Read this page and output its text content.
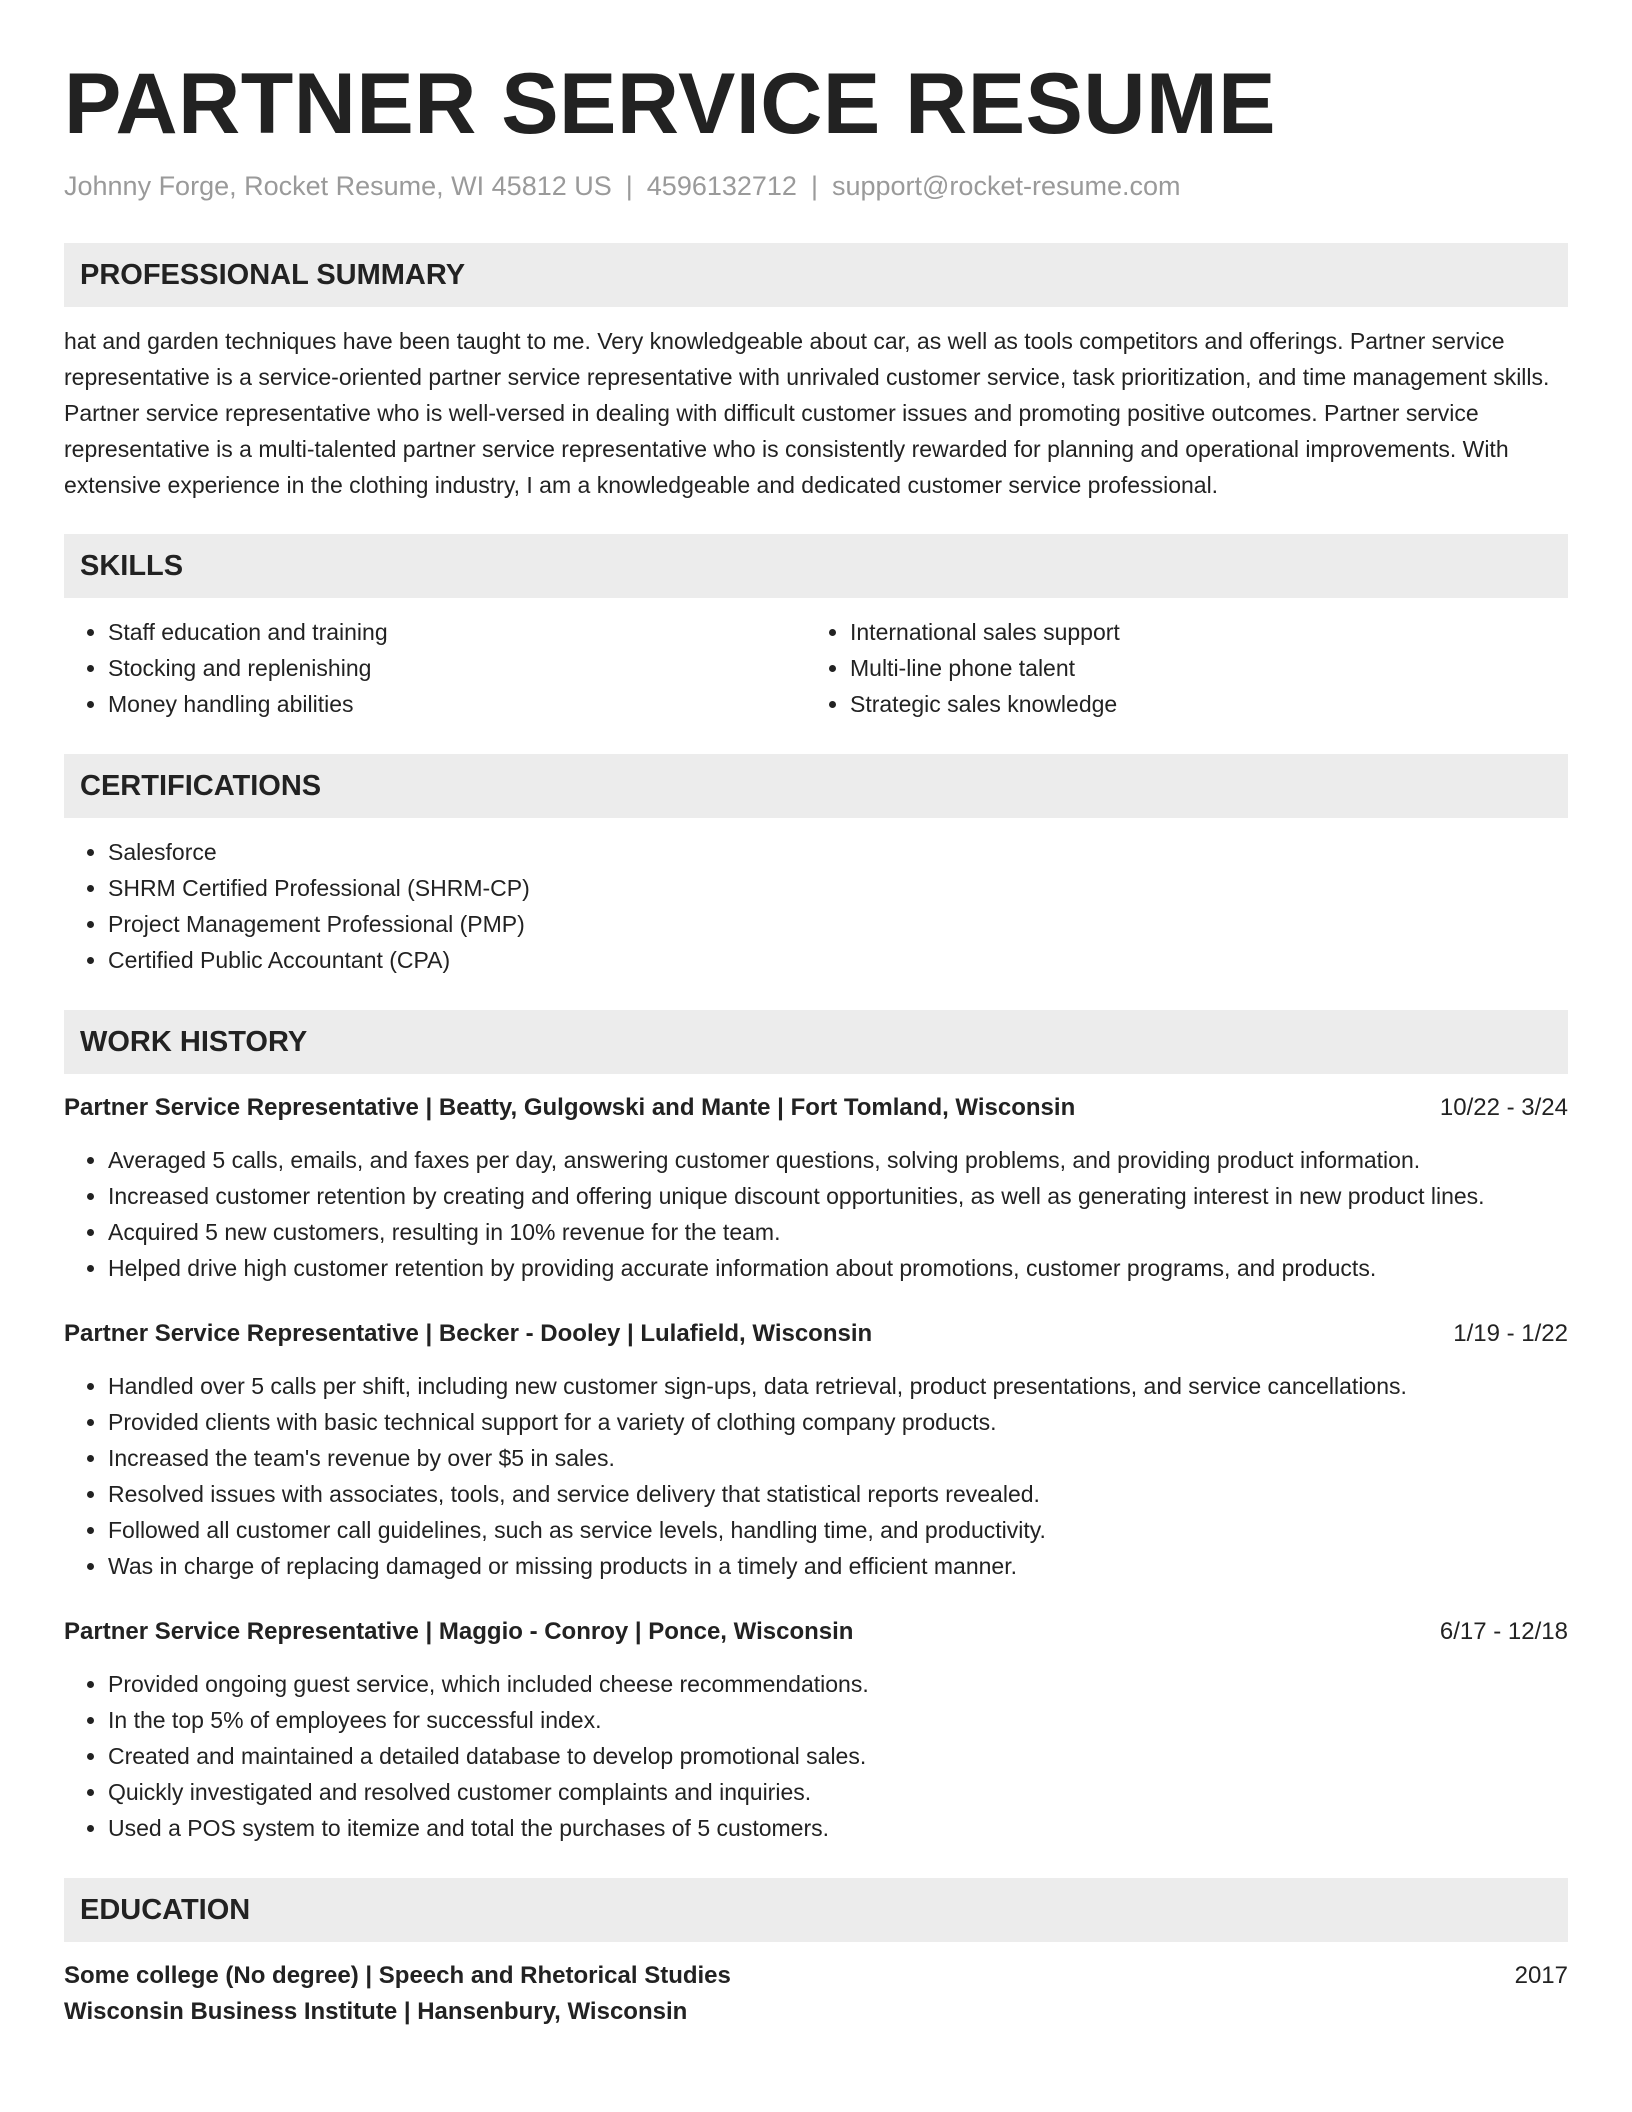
PARTNER SERVICE RESUME
Johnny Forge, Rocket Resume, WI 45812 US | 4596132712 | support@rocket-resume.com
PROFESSIONAL SUMMARY

hat and garden techniques have been taught to me. Very knowledgeable about car, as well as tools competitors and offerings. Partner service representative is a service-oriented partner service representative with unrivaled customer service, task prioritization, and time management skills. Partner service representative who is well-versed in dealing with difficult customer issues and promoting positive outcomes. Partner service representative is a multi-talented partner service representative who is consistently rewarded for planning and operational improvements. With extensive experience in the clothing industry, I am a knowledgeable and dedicated customer service professional.

SKILLS
• Staff education and training
• Stocking and replenishing
• Money handling abilities
• International sales support
• Multi-line phone talent
• Strategic sales knowledge
CERTIFICATIONS
• Salesforce
• SHRM Certified Professional (SHRM-CP)
• Project Management Professional (PMP)
• Certified Public Accountant (CPA)
WORK HISTORY
Partner Service Representative | Beatty, Gulgowski and Mante | Fort Tomland, Wisconsin	10/22 - 3/24
• Averaged 5 calls, emails, and faxes per day, answering customer questions, solving problems, and providing product information.
• Increased customer retention by creating and offering unique discount opportunities, as well as generating interest in new product lines.
• Acquired 5 new customers, resulting in 10% revenue for the team.
• Helped drive high customer retention by providing accurate information about promotions, customer programs, and products.
Partner Service Representative | Becker - Dooley | Lulafield, Wisconsin	1/19 - 1/22
• Handled over 5 calls per shift, including new customer sign-ups, data retrieval, product presentations, and service cancellations.
• Provided clients with basic technical support for a variety of clothing company products.
• Increased the team's revenue by over $5 in sales.
• Resolved issues with associates, tools, and service delivery that statistical reports revealed.
• Followed all customer call guidelines, such as service levels, handling time, and productivity.
• Was in charge of replacing damaged or missing products in a timely and efficient manner.
Partner Service Representative | Maggio - Conroy | Ponce, Wisconsin	6/17 - 12/18
• Provided ongoing guest service, which included cheese recommendations.
• In the top 5% of employees for successful index.
• Created and maintained a detailed database to develop promotional sales.
• Quickly investigated and resolved customer complaints and inquiries.
• Used a POS system to itemize and total the purchases of 5 customers.
EDUCATION
Some college (No degree) | Speech and Rhetorical Studies	2017
Wisconsin Business Institute | Hansenbury, Wisconsin
